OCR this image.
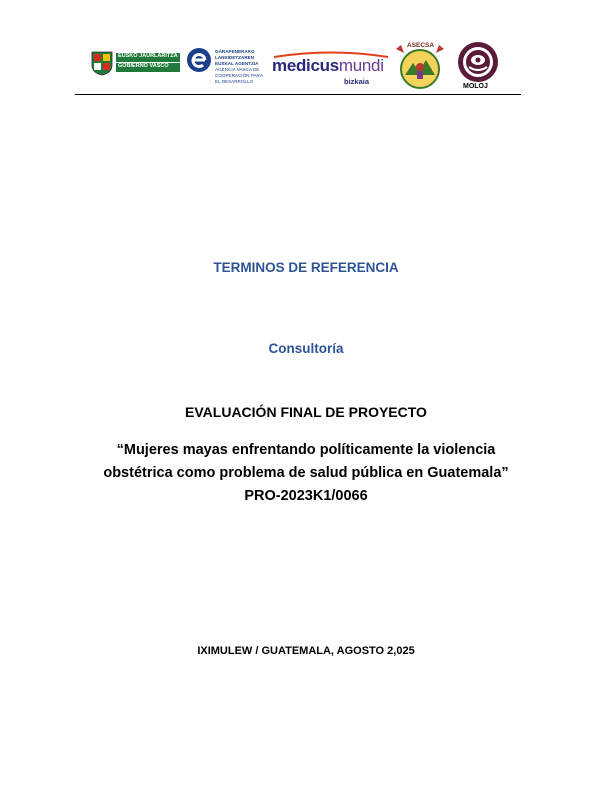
EUSKO JAURLARITZA
GOBIERNO VASCO
GARAPENERAKO
LANKIDETZAREN
EUSKAL AGENTZIA
AGENCIA VASCA DE
COOPERACIÓN PARA
EL DESARROLLO
medicusmundi
bizkaia
ASECSA
MOLOJ
TERMINOS DE REFERENCIA
Consultoría
EVALUACIÓN FINAL DE PROYECTO
“Mujeres mayas enfrentando políticamente la violencia
obstétrica como problema de salud pública en Guatemala”
PRO-2023K1/0066
IXIMULEW / GUATEMALA, AGOSTO 2,025
